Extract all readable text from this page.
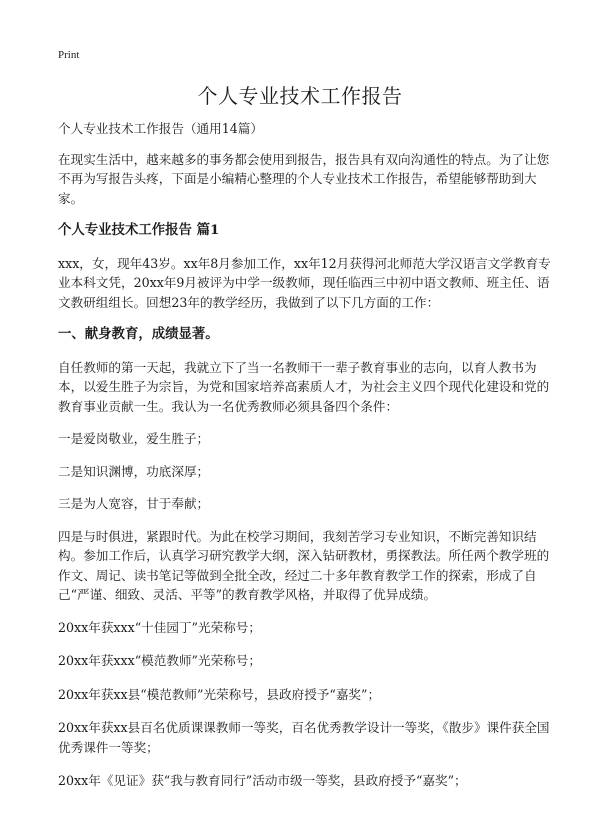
Print
个人专业技术工作报告

个人专业技术工作报告（通用14篇）

在现实生活中，越来越多的事务都会使用到报告，报告具有双向沟通性的特点。为了让您不再为写报告头疼，下面是小编精心整理的个人专业技术工作报告，希望能够帮助到大家。

个人专业技术工作报告 篇1

xxx，女，现年43岁。xx年8月参加工作，xx年12月获得河北师范大学汉语言文学教育专业本科文凭，20xx年9月被评为中学一级教师，现任临西三中初中语文教师、班主任、语文教研组组长。回想23年的教学经历，我做到了以下几方面的工作：

一、献身教育，成绩显著。

自任教师的第一天起，我就立下了当一名教师干一辈子教育事业的志向，以育人教书为本，以爱生胜子为宗旨，为党和国家培养高素质人才，为社会主义四个现代化建设和党的教育事业贡献一生。我认为一名优秀教师必须具备四个条件：

一是爱岗敬业，爱生胜子；

二是知识渊博，功底深厚；

三是为人宽容，甘于奉献；

四是与时俱进，紧跟时代。为此在校学习期间，我刻苦学习专业知识，不断完善知识结构。参加工作后，认真学习研究教学大纲，深入钻研教材，勇探教法。所任两个教学班的作文、周记、读书笔记等做到全批全改，经过二十多年教育教学工作的探索，形成了自己“严谨、细致、灵活、平等”的教育教学风格，并取得了优异成绩。

20xx年获xxx“十佳园丁”光荣称号；

20xx年获xxx“模范教师”光荣称号；

20xx年获xx县“模范教师”光荣称号，县政府授予“嘉奖”；

20xx年获xx县百名优质课课教师一等奖，百名优秀教学设计一等奖，《散步》课件获全国优秀课件一等奖；

20xx年《见证》获“我与教育同行”活动市级一等奖，县政府授予“嘉奖”；
